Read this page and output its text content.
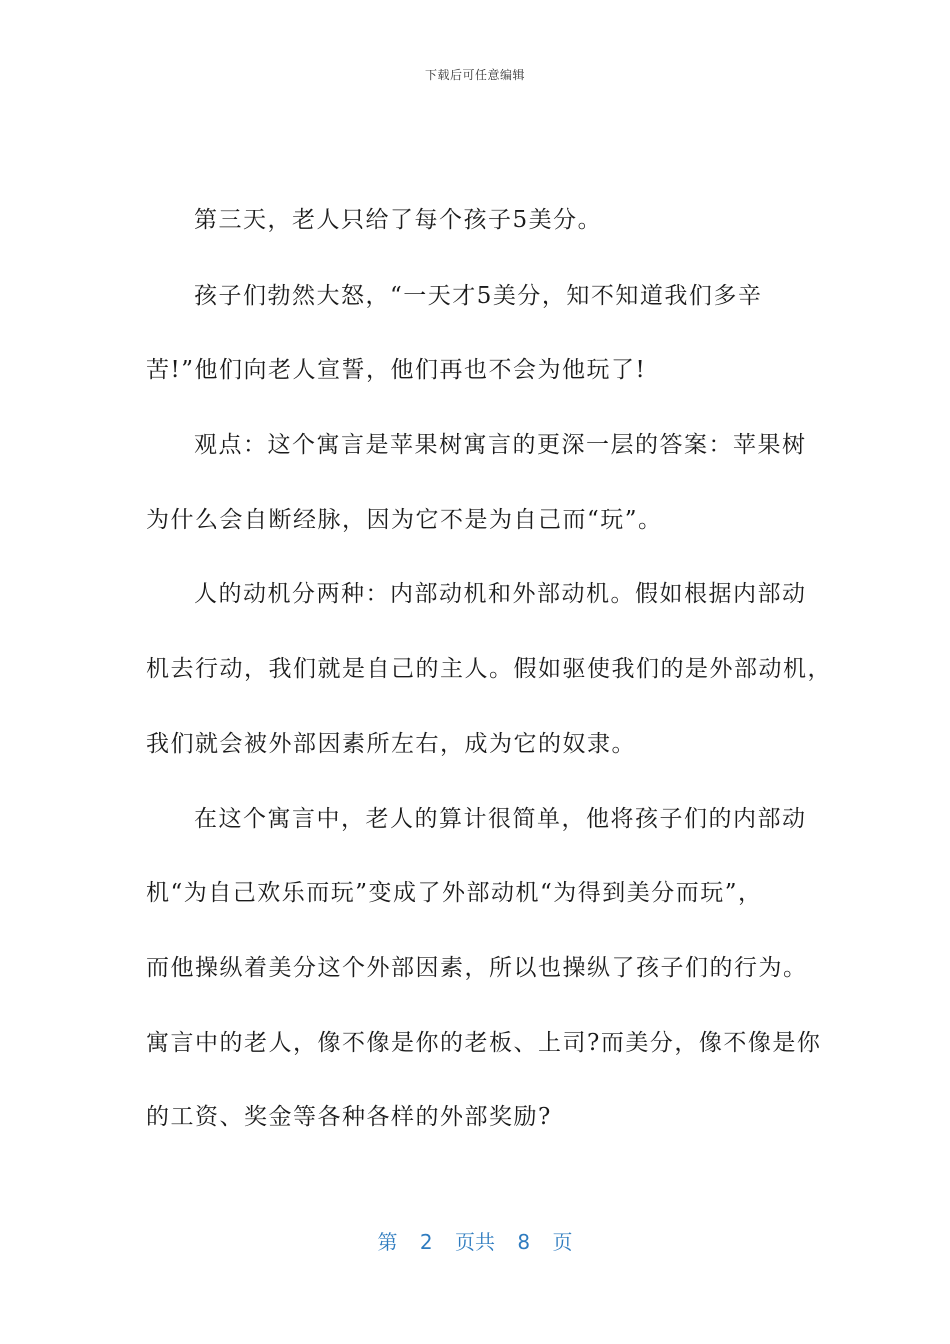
下载后可任意编辑
第三天，老人只给了每个孩子5美分。
孩子们勃然大怒，“一天才5美分，知不知道我们多辛
苦!”他们向老人宣誓，他们再也不会为他玩了!
观点：这个寓言是苹果树寓言的更深一层的答案：苹果树
为什么会自断经脉，因为它不是为自己而“玩”。
人的动机分两种：内部动机和外部动机。假如根据内部动
机去行动，我们就是自己的主人。假如驱使我们的是外部动机，
我们就会被外部因素所左右，成为它的奴隶。
在这个寓言中，老人的算计很简单，他将孩子们的内部动
机“为自己欢乐而玩”变成了外部动机“为得到美分而玩”，
而他操纵着美分这个外部因素，所以也操纵了孩子们的行为。
寓言中的老人，像不像是你的老板、上司?而美分，像不像是你
的工资、奖金等各种各样的外部奖励?
第 2 页共 8 页
